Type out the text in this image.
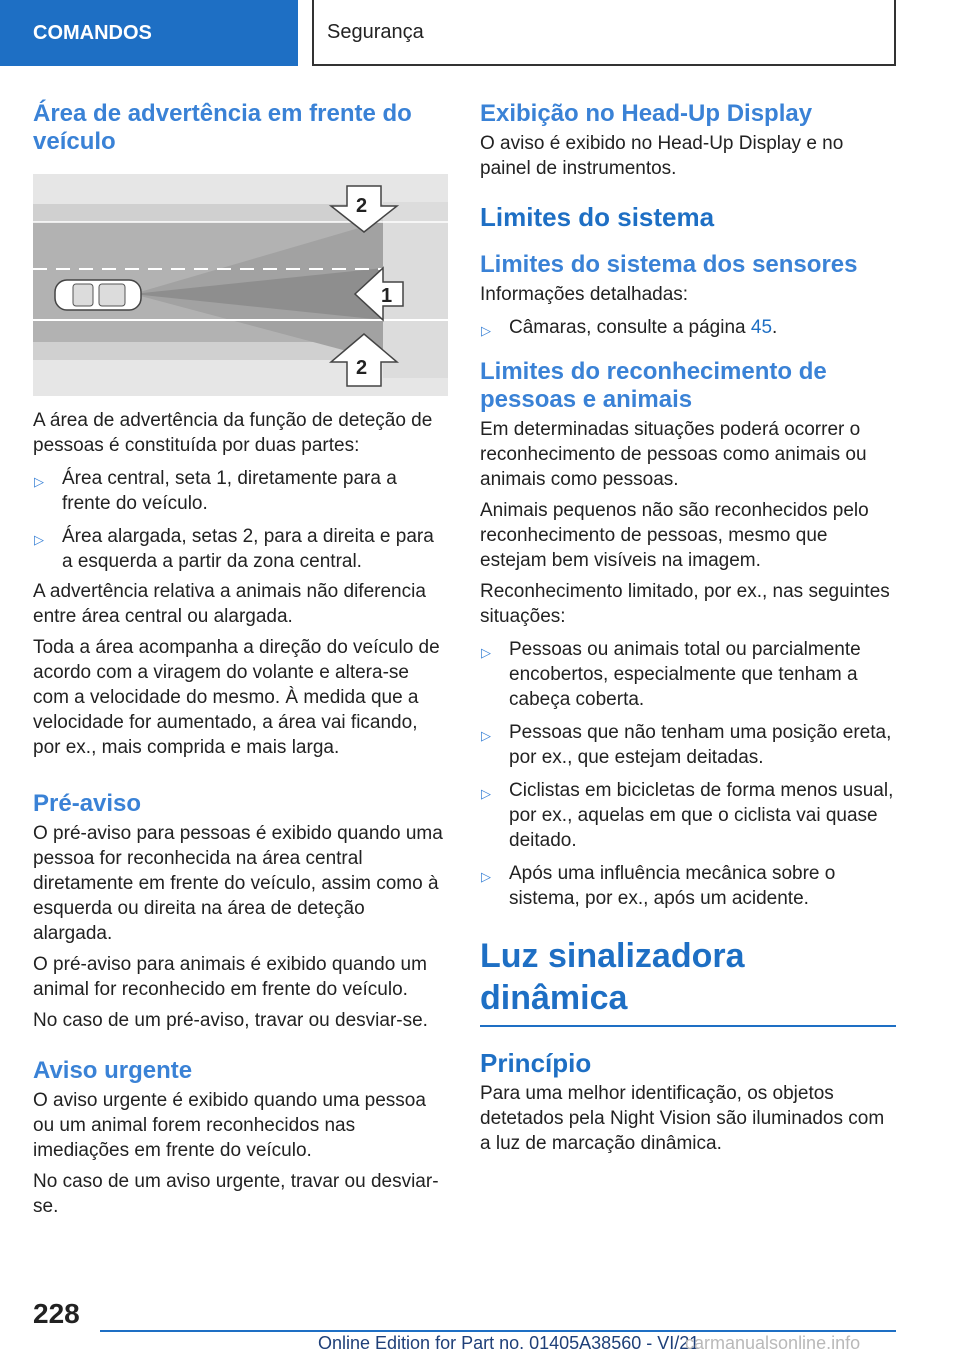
COMANDOS	Segurança
Área de advertência em frente do veículo
1
2
2

A área de advertência da função de deteção de pessoas é constituída por duas partes:

▷ Área central, seta 1, diretamente para a frente do veículo.
▷ Área alargada, setas 2, para a direita e para a esquerda a partir da zona central.

A advertência relativa a animais não diferencia entre área central ou alargada.

Toda a área acompanha a direção do veículo de acordo com a viragem do volante e altera-se com a velocidade do mesmo. À medida que a velocidade for aumentado, a área vai ficando, por ex., mais comprida e mais larga.

Pré-aviso

O pré-aviso para pessoas é exibido quando uma pessoa for reconhecida na área central diretamente em frente do veículo, assim como à esquerda ou direita na área de deteção alargada.

O pré-aviso para animais é exibido quando um animal for reconhecido em frente do veículo.

No caso de um pré-aviso, travar ou desviar-se.

Aviso urgente

O aviso urgente é exibido quando uma pessoa ou um animal forem reconhecidos nas imediações em frente do veículo.

No caso de um aviso urgente, travar ou desviar-se.

Exibição no Head-Up Display

O aviso é exibido no Head-Up Display e no painel de instrumentos.

Limites do sistema
Limites do sistema dos sensores

Informações detalhadas:

▷ Câmaras, consulte a página 45.
Limites do reconhecimento de pessoas e animais

Em determinadas situações poderá ocorrer o reconhecimento de pessoas como animais ou animais como pessoas.

Animais pequenos não são reconhecidos pelo reconhecimento de pessoas, mesmo que estejam bem visíveis na imagem.

Reconhecimento limitado, por ex., nas seguintes situações:

▷ Pessoas ou animais total ou parcialmente encobertos, especialmente que tenham a cabeça coberta.
▷ Pessoas que não tenham uma posição ereta, por ex., que estejam deitadas.
▷ Ciclistas em bicicletas de forma menos usual, por ex., aquelas em que o ciclista vai quase deitado.
▷ Após uma influência mecânica sobre o sistema, por ex., após um acidente.
Luz sinalizadora dinâmica
Princípio

Para uma melhor identificação, os objetos detetados pela Night Vision são iluminados com a luz de marcação dinâmica.

228
Online Edition for Part no. 01405A38560 - VI/21
carmanualsonline.info
